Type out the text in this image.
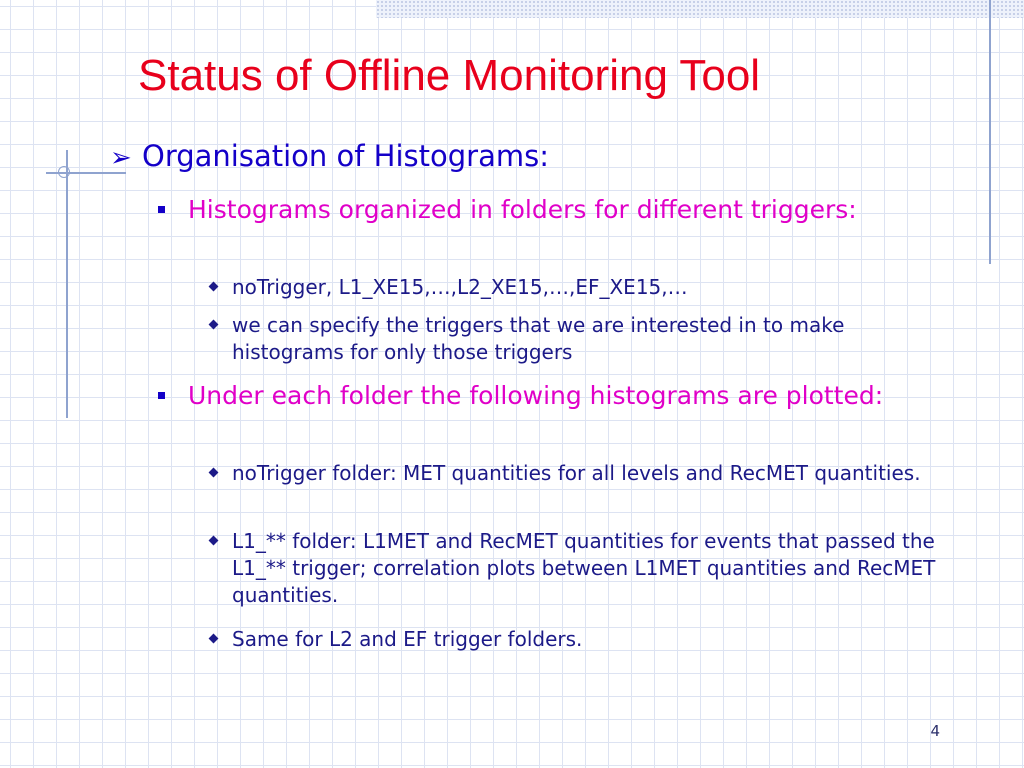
Status of Offline Monitoring Tool
➢ Organisation of Histograms:
Histograms organized in folders for different triggers:
noTrigger, L1_XE15,…,L2_XE15,…,EF_XE15,…
we can specify the triggers that we are interested in to make histograms for only those triggers
Under each folder the following histograms are plotted:
noTrigger folder: MET quantities for all levels and RecMET quantities.
L1_** folder: L1MET and RecMET quantities for events that passed the L1_** trigger; correlation plots between L1MET quantities and RecMET quantities.
Same for L2 and EF trigger folders.
4
